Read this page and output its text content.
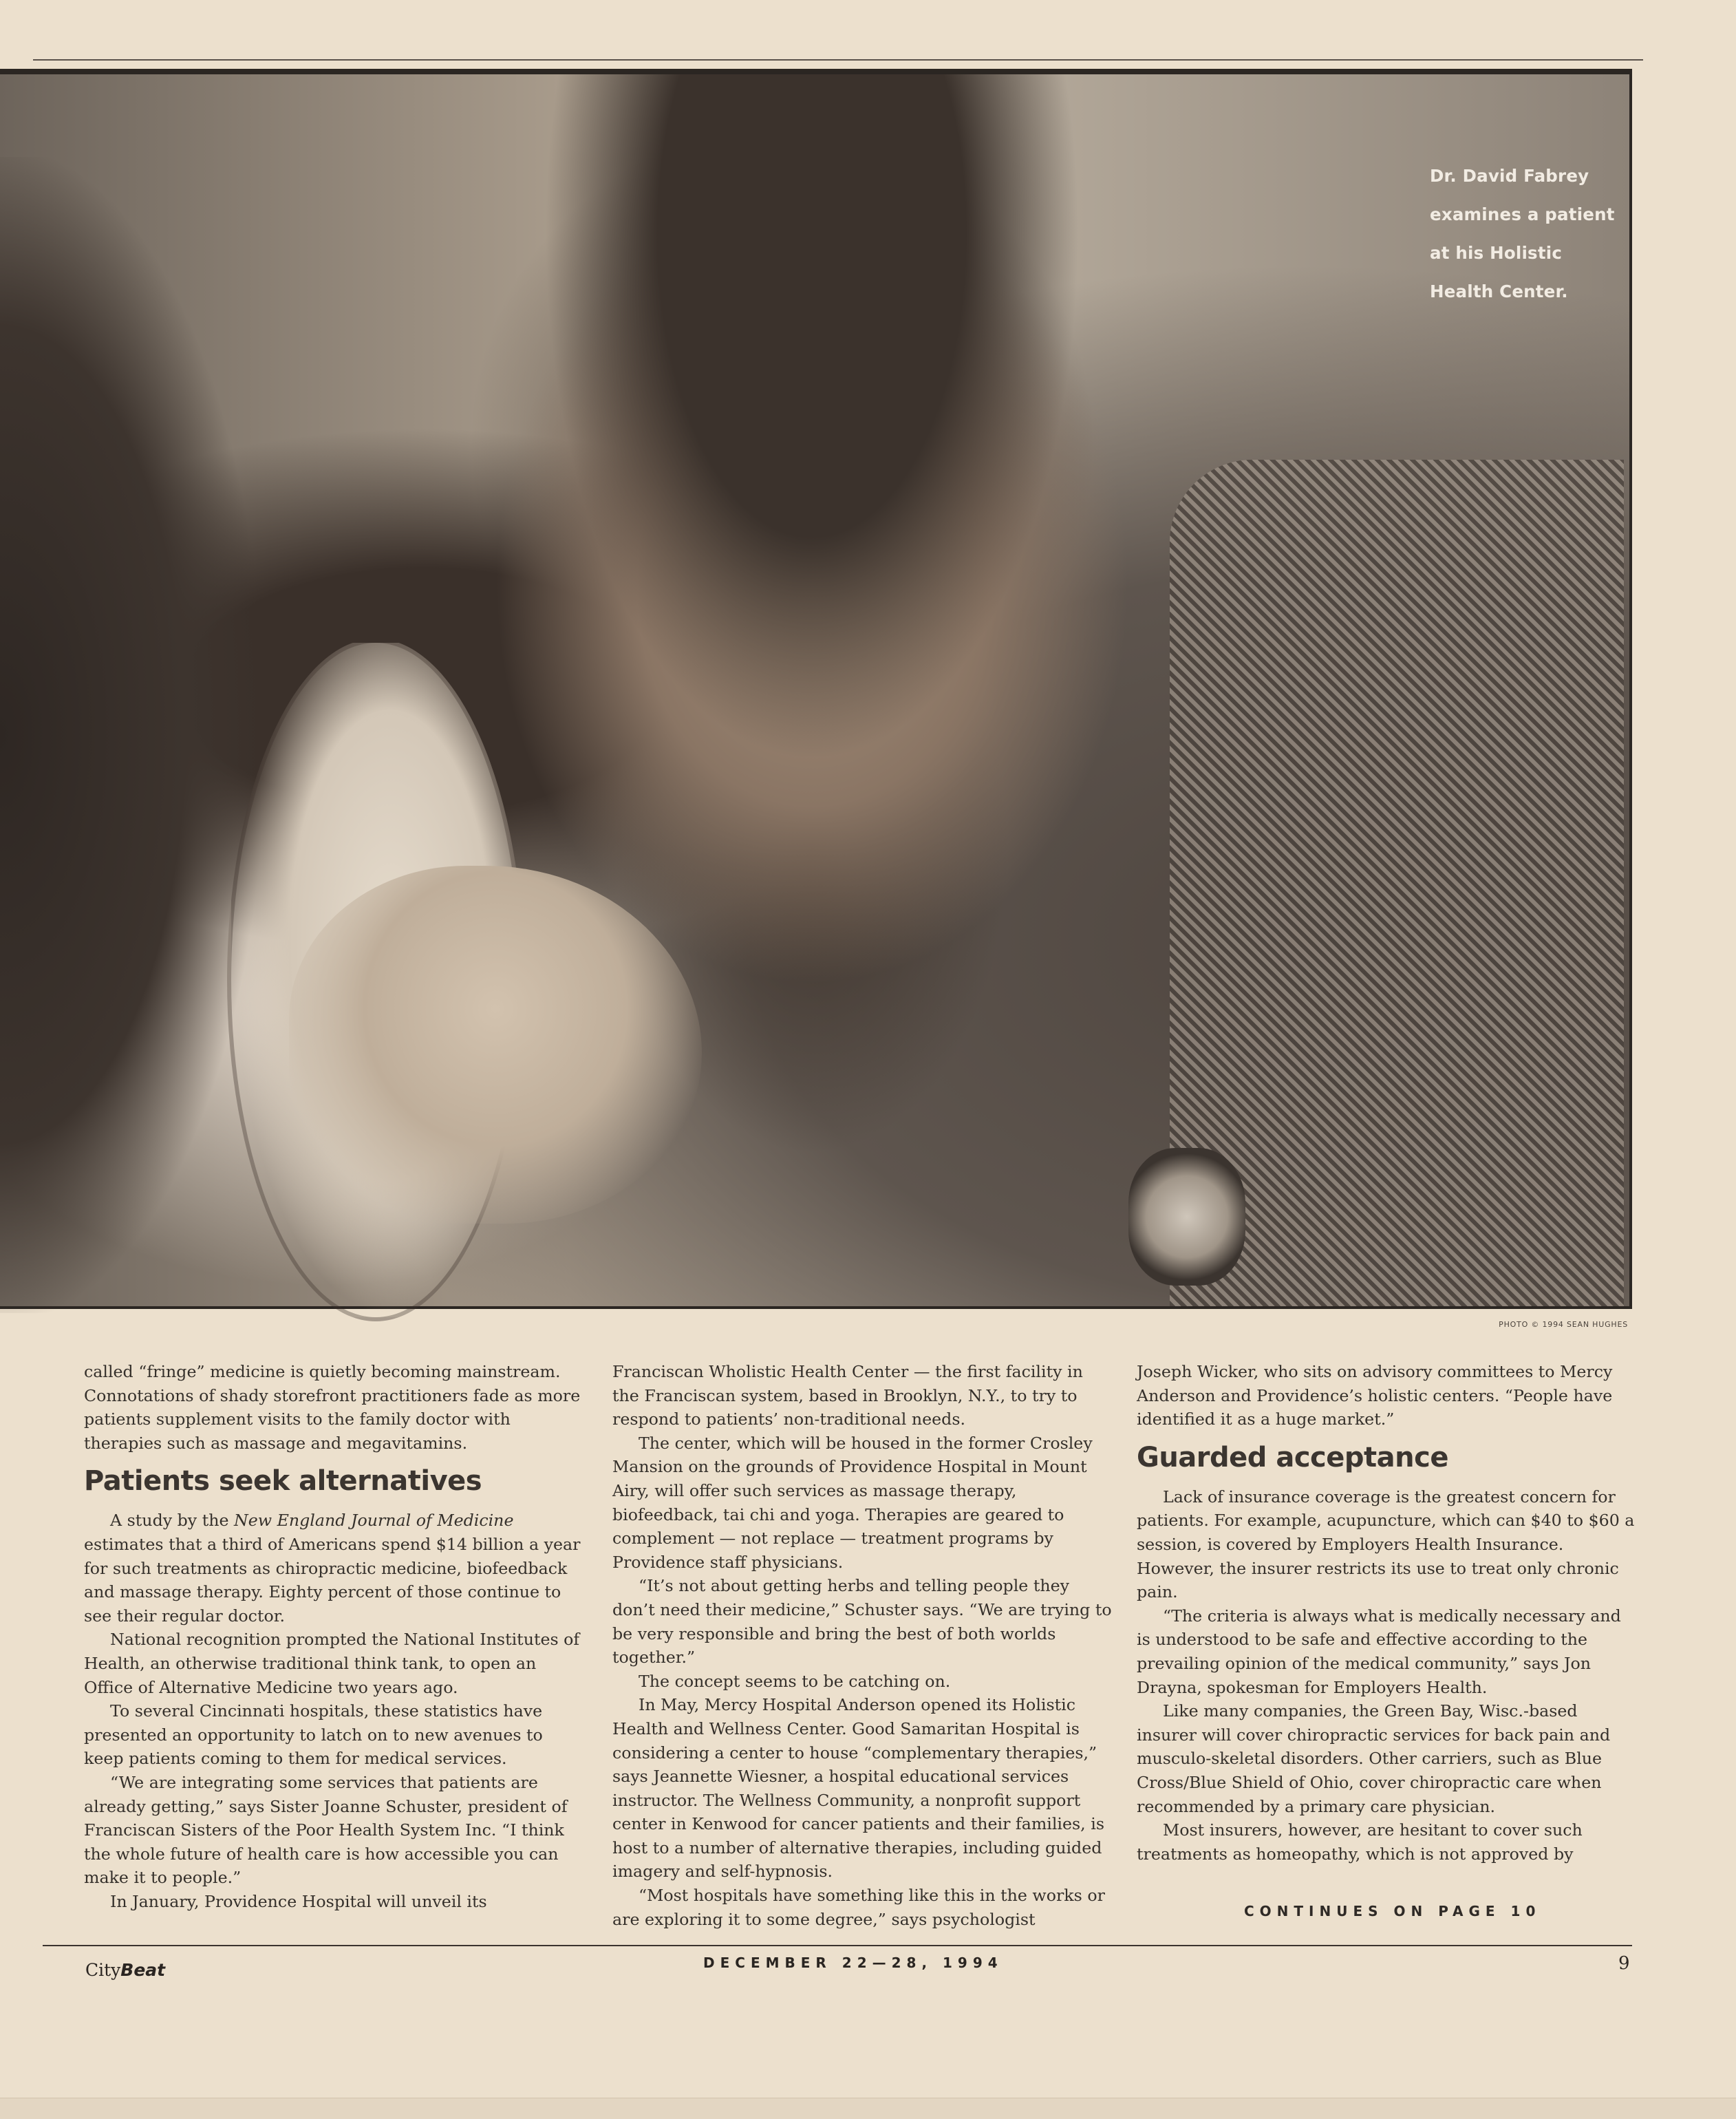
Dr. David Fabrey examines a patient at his Holistic Health Center.
PHOTO © 1994 SEAN HUGHES

called “fringe” medicine is quietly becoming mainstream. Connotations of shady storefront practitioners fade as more patients supplement visits to the family doctor with therapies such as massage and megavitamins.

Patients seek alternatives

A study by the New England Journal of Medicine estimates that a third of Americans spend $14 billion a year for such treatments as chiropractic medicine, biofeedback and massage therapy. Eighty percent of those continue to see their regular doctor.

National recognition prompted the National Institutes of Health, an otherwise traditional think tank, to open an Office of Alternative Medicine two years ago.

To several Cincinnati hospitals, these statistics have presented an opportunity to latch on to new avenues to keep patients coming to them for medical services.

“We are integrating some services that patients are already getting,” says Sister Joanne Schuster, president of Franciscan Sisters of the Poor Health System Inc. “I think the whole future of health care is how accessible you can make it to people.”

In January, Providence Hospital will unveil its

Franciscan Wholistic Health Center — the first facility in the Franciscan system, based in Brooklyn, N.Y., to try to respond to patients’ non-traditional needs.

The center, which will be housed in the former Crosley Mansion on the grounds of Providence Hospital in Mount Airy, will offer such services as massage therapy, biofeedback, tai chi and yoga. Therapies are geared to complement — not replace — treatment programs by Providence staff physicians.

“It’s not about getting herbs and telling people they don’t need their medicine,” Schuster says. “We are trying to be very responsible and bring the best of both worlds together.”

The concept seems to be catching on.

In May, Mercy Hospital Anderson opened its Holistic Health and Wellness Center. Good Samaritan Hospital is considering a center to house “complementary therapies,” says Jeannette Wiesner, a hospital educational services instructor. The Wellness Community, a nonprofit support center in Kenwood for cancer patients and their families, is host to a number of alternative therapies, including guided imagery and self-hypnosis.

“Most hospitals have something like this in the works or are exploring it to some degree,” says psychologist

Joseph Wicker, who sits on advisory committees to Mercy Anderson and Providence’s holistic centers. “People have identified it as a huge market.”

Guarded acceptance

Lack of insurance coverage is the greatest concern for patients. For example, acupuncture, which can $40 to $60 a session, is covered by Employers Health Insurance. However, the insurer restricts its use to treat only chronic pain.

“The criteria is always what is medically necessary and is understood to be safe and effective according to the prevailing opinion of the medical community,” says Jon Drayna, spokesman for Employers Health.

Like many companies, the Green Bay, Wisc.-based insurer will cover chiropractic services for back pain and musculo-skeletal disorders. Other carriers, such as Blue Cross/Blue Shield of Ohio, cover chiropractic care when recommended by a primary care physician.

Most insurers, however, are hesitant to cover such treatments as homeopathy, which is not approved by

CONTINUES ON PAGE 10
CityBeat	DECEMBER 22—28, 1994	9
